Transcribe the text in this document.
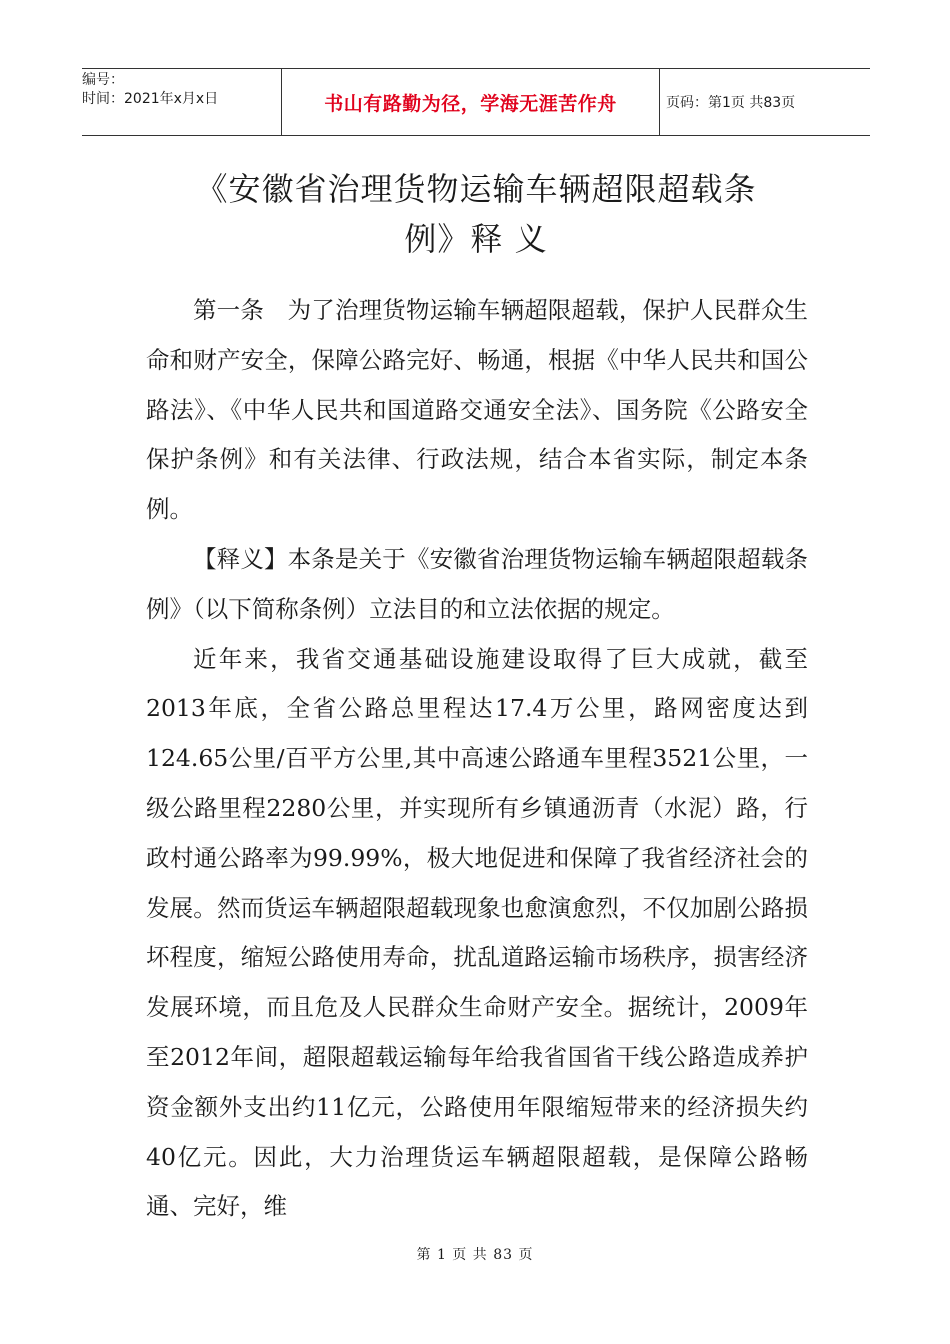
编号：
时间：2021年x月x日	书山有路勤为径，学海无涯苦作舟	页码：第1页 共83页
《安徽省治理货物运输车辆超限超载条
例》释 义

第一条　为了治理货物运输车辆超限超载，保护人民群众生命和财产安全，保障公路完好、畅通，根据《中华人民共和国公路法》、《中华人民共和国道路交通安全法》、国务院《公路安全保护条例》和有关法律、行政法规，结合本省实际，制定本条例。

【释义】本条是关于《安徽省治理货物运输车辆超限超载条例》（以下简称条例）立法目的和立法依据的规定。

近年来，我省交通基础设施建设取得了巨大成就，截至2013年底，全省公路总里程达17.4万公里，路网密度达到124.65公里/百平方公里,其中高速公路通车里程3521公里，一级公路里程2280公里，并实现所有乡镇通沥青（水泥）路，行政村通公路率为99.99%，极大地促进和保障了我省经济社会的发展。然而货运车辆超限超载现象也愈演愈烈，不仅加剧公路损坏程度，缩短公路使用寿命，扰乱道路运输市场秩序，损害经济发展环境，而且危及人民群众生命财产安全。据统计，2009年至2012年间，超限超载运输每年给我省国省干线公路造成养护资金额外支出约11亿元，公路使用年限缩短带来的经济损失约40亿元。因此，大力治理货运车辆超限超载，是保障公路畅通、完好，维

第 1 页 共 83 页
